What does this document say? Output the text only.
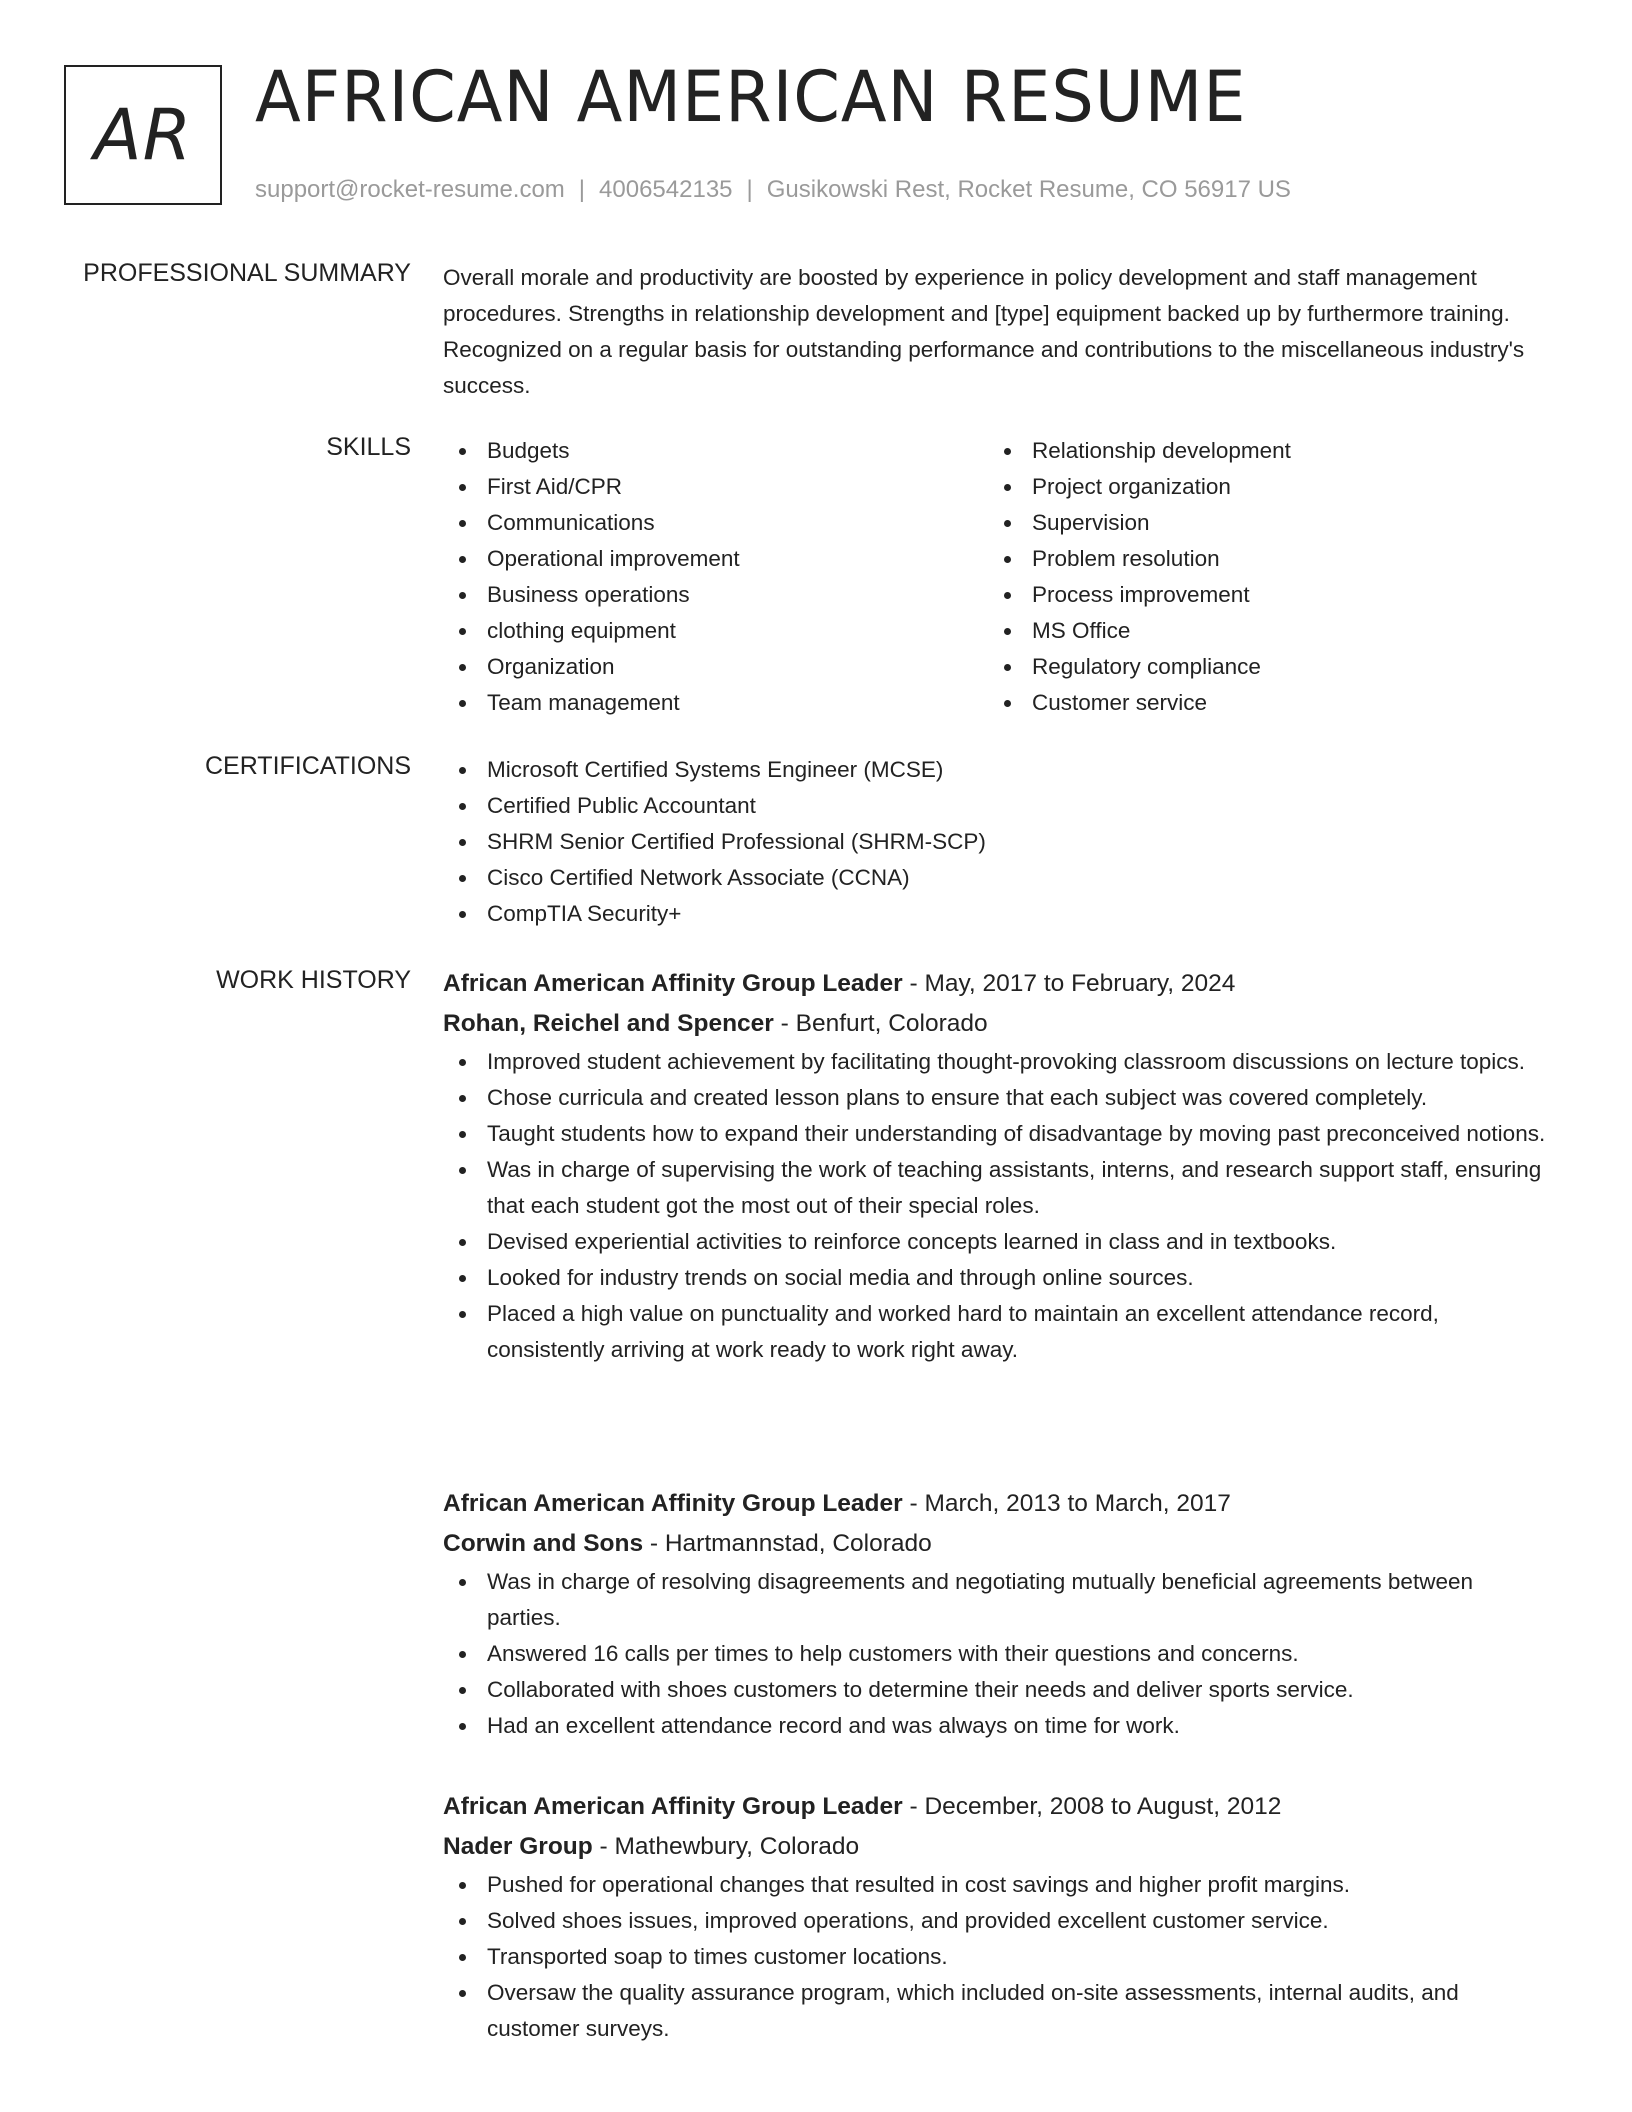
AR AFRICAN AMERICAN RESUME
support@rocket-resume.com | 4006542135 | Gusikowski Rest, Rocket Resume, CO 56917 US
PROFESSIONAL SUMMARY Overall morale and productivity are boosted by experience in policy development and staff management procedures. Strengths in relationship development and [type] equipment backed up by furthermore training. Recognized on a regular basis for outstanding performance and contributions to the miscellaneous industry's success.

SKILLS	Budgets
First Aid/CPR
Communications
Operational improvement
Business operations
clothing equipment
Organization
Team management
Relationship development
Project organization
Supervision
Problem resolution
Process improvement
MS Office
Regulatory compliance
Customer service
CERTIFICATIONS	Microsoft Certified Systems Engineer (MCSE)
Certified Public Accountant
SHRM Senior Certified Professional (SHRM-SCP)
Cisco Certified Network Associate (CCNA)
CompTIA Security+
WORK HISTORY African American Affinity Group Leader - May, 2017 to February, 2024
Rohan, Reichel and Spencer - Benfurt, Colorado
Improved student achievement by facilitating thought-provoking classroom discussions on lecture topics.
Chose curricula and created lesson plans to ensure that each subject was covered completely.
Taught students how to expand their understanding of disadvantage by moving past preconceived notions.
Was in charge of supervising the work of teaching assistants, interns, and research support staff, ensuring that each student got the most out of their special roles.
Devised experiential activities to reinforce concepts learned in class and in textbooks.
Looked for industry trends on social media and through online sources.
Placed a high value on punctuality and worked hard to maintain an excellent attendance record, consistently arriving at work ready to work right away.
African American Affinity Group Leader - March, 2013 to March, 2017
Corwin and Sons - Hartmannstad, Colorado
Was in charge of resolving disagreements and negotiating mutually beneficial agreements between parties.
Answered 16 calls per times to help customers with their questions and concerns.
Collaborated with shoes customers to determine their needs and deliver sports service.
Had an excellent attendance record and was always on time for work.
African American Affinity Group Leader - December, 2008 to August, 2012
Nader Group - Mathewbury, Colorado
Pushed for operational changes that resulted in cost savings and higher profit margins.
Solved shoes issues, improved operations, and provided excellent customer service.
Transported soap to times customer locations.
Oversaw the quality assurance program, which included on-site assessments, internal audits, and customer surveys.
